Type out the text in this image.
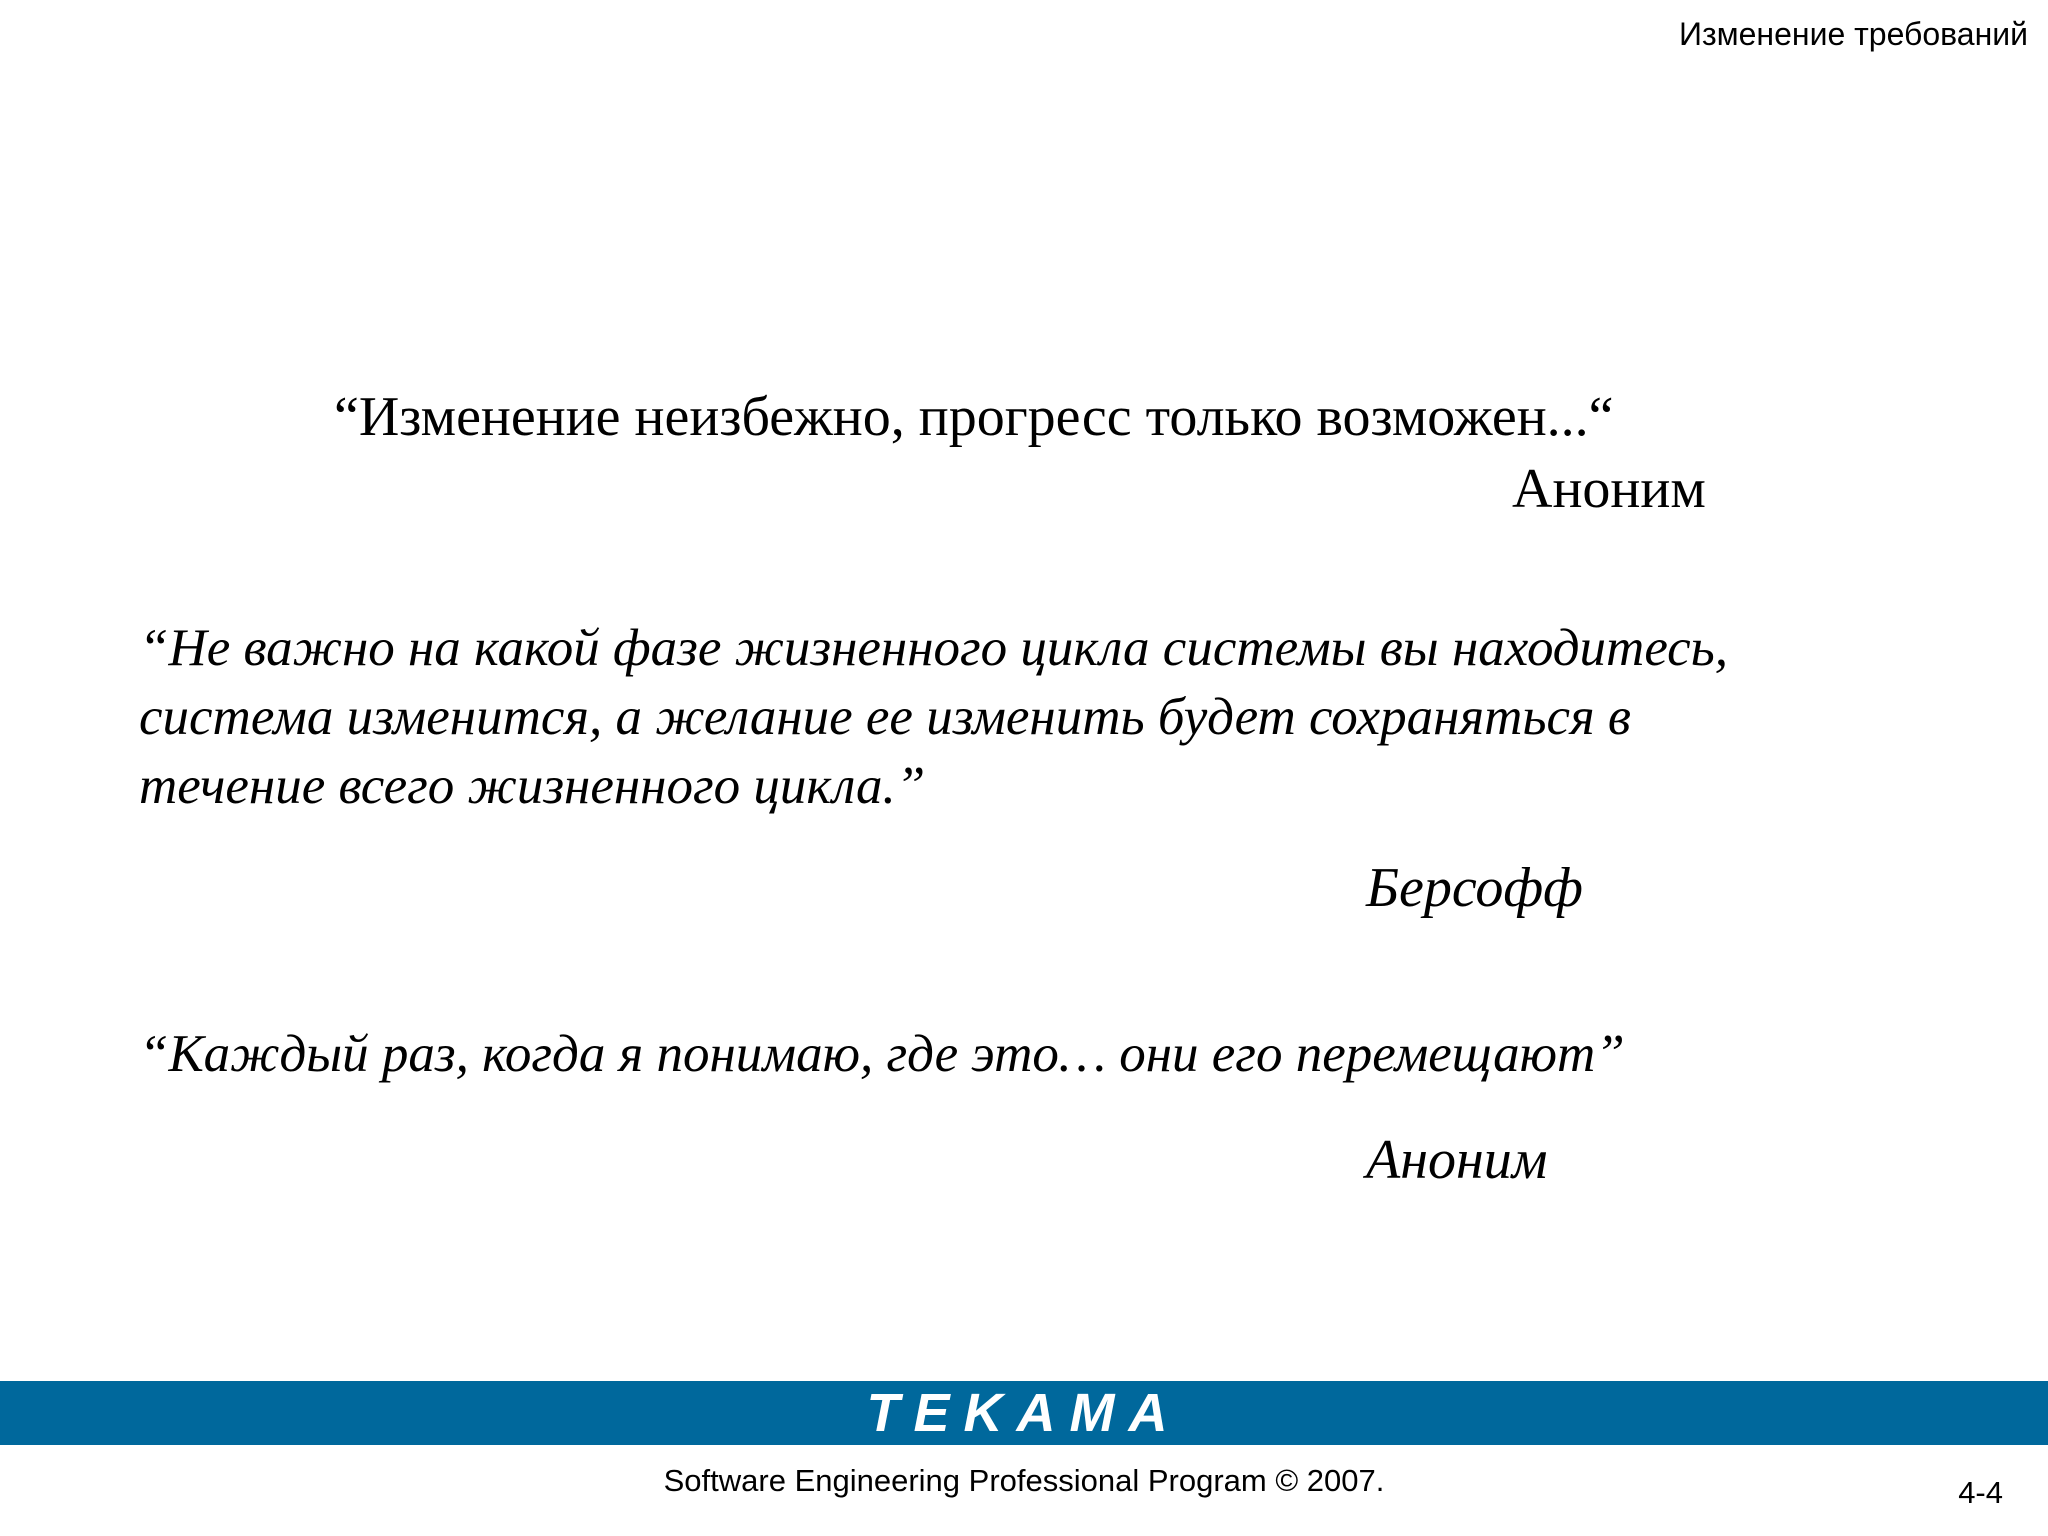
Изменение требований
“Изменение неизбежно, прогресс только возможен...“
Аноним
“Не важно на какой фазе жизненного цикла системы вы находитесь,
система изменится, а желание ее изменить будет сохраняться в
течение всего жизненного цикла.”
Берсофф
“Каждый раз, когда я понимаю, где это… они его перемещают”
Аноним
TEKAMA
Software Engineering Professional Program © 2007.	4-4
